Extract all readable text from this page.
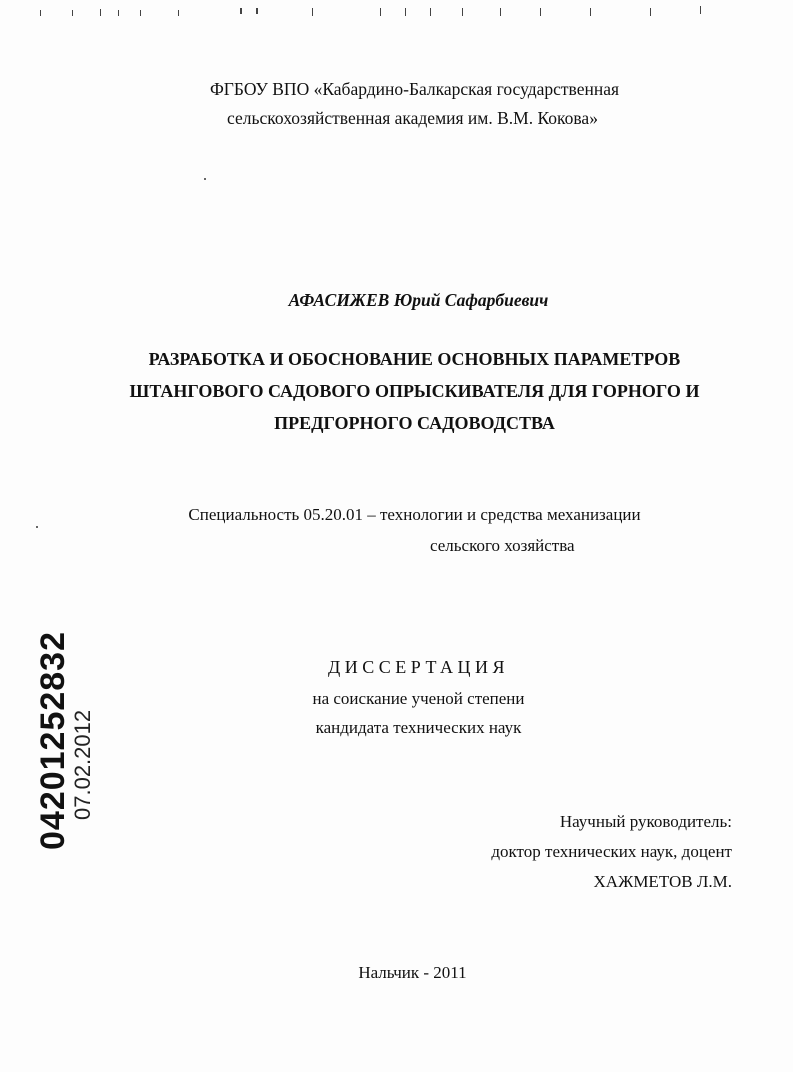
ФГБОУ ВПО «Кабардино-Балкарская государственная
сельскохозяйственная академия им. В.М. Кокова»
АФАСИЖЕВ Юрий Сафарбиевич
РАЗРАБОТКА И ОБОСНОВАНИЕ ОСНОВНЫХ ПАРАМЕТРОВ
ШТАНГОВОГО САДОВОГО ОПРЫСКИВАТЕЛЯ ДЛЯ ГОРНОГО И
ПРЕДГОРНОГО САДОВОДСТВА
Специальность 05.20.01 – технологии и средства механизации
сельского хозяйства
ДИССЕРТАЦИЯ
на соискание ученой степени
кандидата технических наук
Научный руководитель:
доктор технических наук, доцент
ХАЖМЕТОВ Л.М.
Нальчик - 2011
04201252832
07.02.2012
